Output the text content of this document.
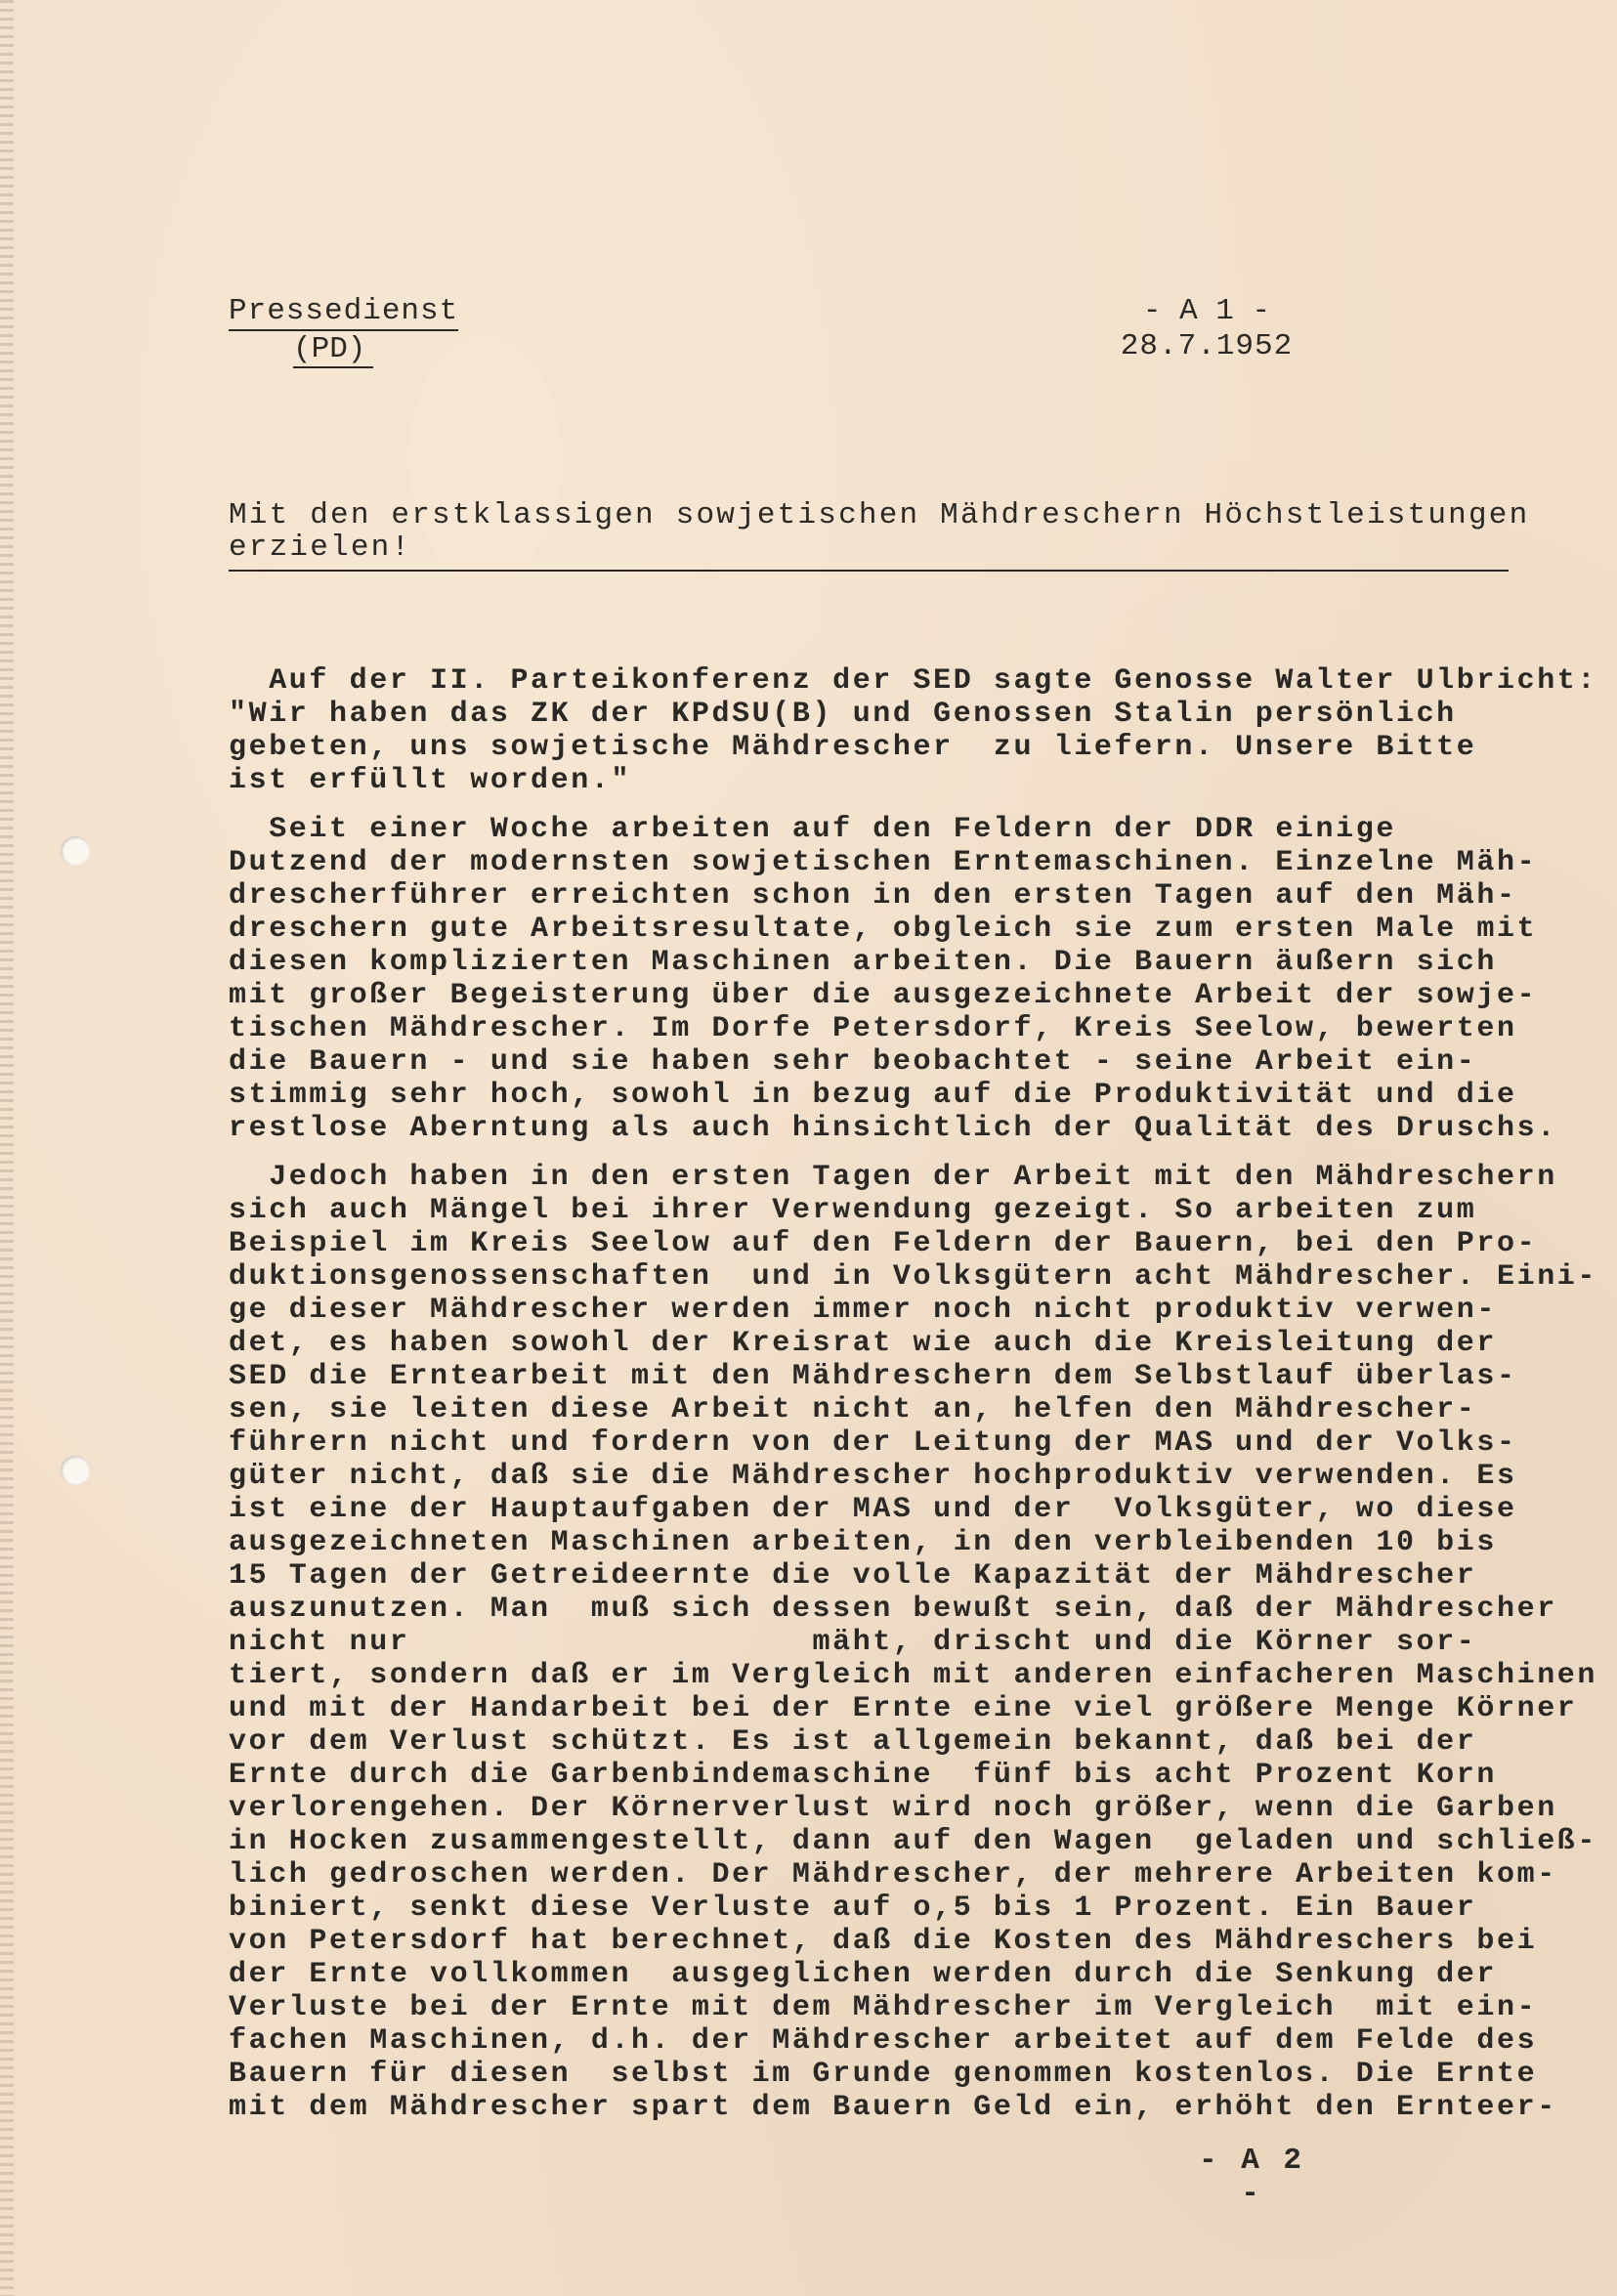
Pressedienst
(PD)
- A 1 -
28.7.1952
Mit den erstklassigen sowjetischen Mähdreschern Höchstleistungen
erzielen!
Auf der II. Parteikonferenz der SED sagte Genosse Walter Ulbricht:
"Wir haben das ZK der KPdSU(B) und Genossen Stalin persönlich
gebeten, uns sowjetische Mähdrescher  zu liefern. Unsere Bitte
ist erfüllt worden."
Seit einer Woche arbeiten auf den Feldern der DDR einige
Dutzend der modernsten sowjetischen Erntemaschinen. Einzelne Mäh-
drescherführer erreichten schon in den ersten Tagen auf den Mäh-
dreschern gute Arbeitsresultate, obgleich sie zum ersten Male mit
diesen komplizierten Maschinen arbeiten. Die Bauern äußern sich
mit großer Begeisterung über die ausgezeichnete Arbeit der sowje-
tischen Mähdrescher. Im Dorfe Petersdorf, Kreis Seelow, bewerten
die Bauern - und sie haben sehr beobachtet - seine Arbeit ein-
stimmig sehr hoch, sowohl in bezug auf die Produktivität und die
restlose Aberntung als auch hinsichtlich der Qualität des Druschs.
Jedoch haben in den ersten Tagen der Arbeit mit den Mähdreschern
sich auch Mängel bei ihrer Verwendung gezeigt. So arbeiten zum
Beispiel im Kreis Seelow auf den Feldern der Bauern, bei den Pro-
duktionsgenossenschaften  und in Volksgütern acht Mähdrescher. Eini-
ge dieser Mähdrescher werden immer noch nicht produktiv verwen-
det, es haben sowohl der Kreisrat wie auch die Kreisleitung der
SED die Erntearbeit mit den Mähdreschern dem Selbstlauf überlas-
sen, sie leiten diese Arbeit nicht an, helfen den Mähdrescher-
führern nicht und fordern von der Leitung der MAS und der Volks-
güter nicht, daß sie die Mähdrescher hochproduktiv verwenden. Es
ist eine der Hauptaufgaben der MAS und der  Volksgüter, wo diese
ausgezeichneten Maschinen arbeiten, in den verbleibenden 10 bis
15 Tagen der Getreideernte die volle Kapazität der Mähdrescher
auszunutzen. Man  muß sich dessen bewußt sein, daß der Mähdrescher
nicht nur                    mäht, drischt und die Körner sor-
tiert, sondern daß er im Vergleich mit anderen einfacheren Maschinen
und mit der Handarbeit bei der Ernte eine viel größere Menge Körner
vor dem Verlust schützt. Es ist allgemein bekannt, daß bei der
Ernte durch die Garbenbindemaschine  fünf bis acht Prozent Korn
verlorengehen. Der Körnerverlust wird noch größer, wenn die Garben
in Hocken zusammengestellt, dann auf den Wagen  geladen und schließ-
lich gedroschen werden. Der Mähdrescher, der mehrere Arbeiten kom-
biniert, senkt diese Verluste auf o,5 bis 1 Prozent. Ein Bauer
von Petersdorf hat berechnet, daß die Kosten des Mähdreschers bei
der Ernte vollkommen  ausgeglichen werden durch die Senkung der
Verluste bei der Ernte mit dem Mähdrescher im Vergleich  mit ein-
fachen Maschinen, d.h. der Mähdrescher arbeitet auf dem Felde des
Bauern für diesen  selbst im Grunde genommen kostenlos. Die Ernte
mit dem Mähdrescher spart dem Bauern Geld ein, erhöht den Ernteer-
- A 2 -
